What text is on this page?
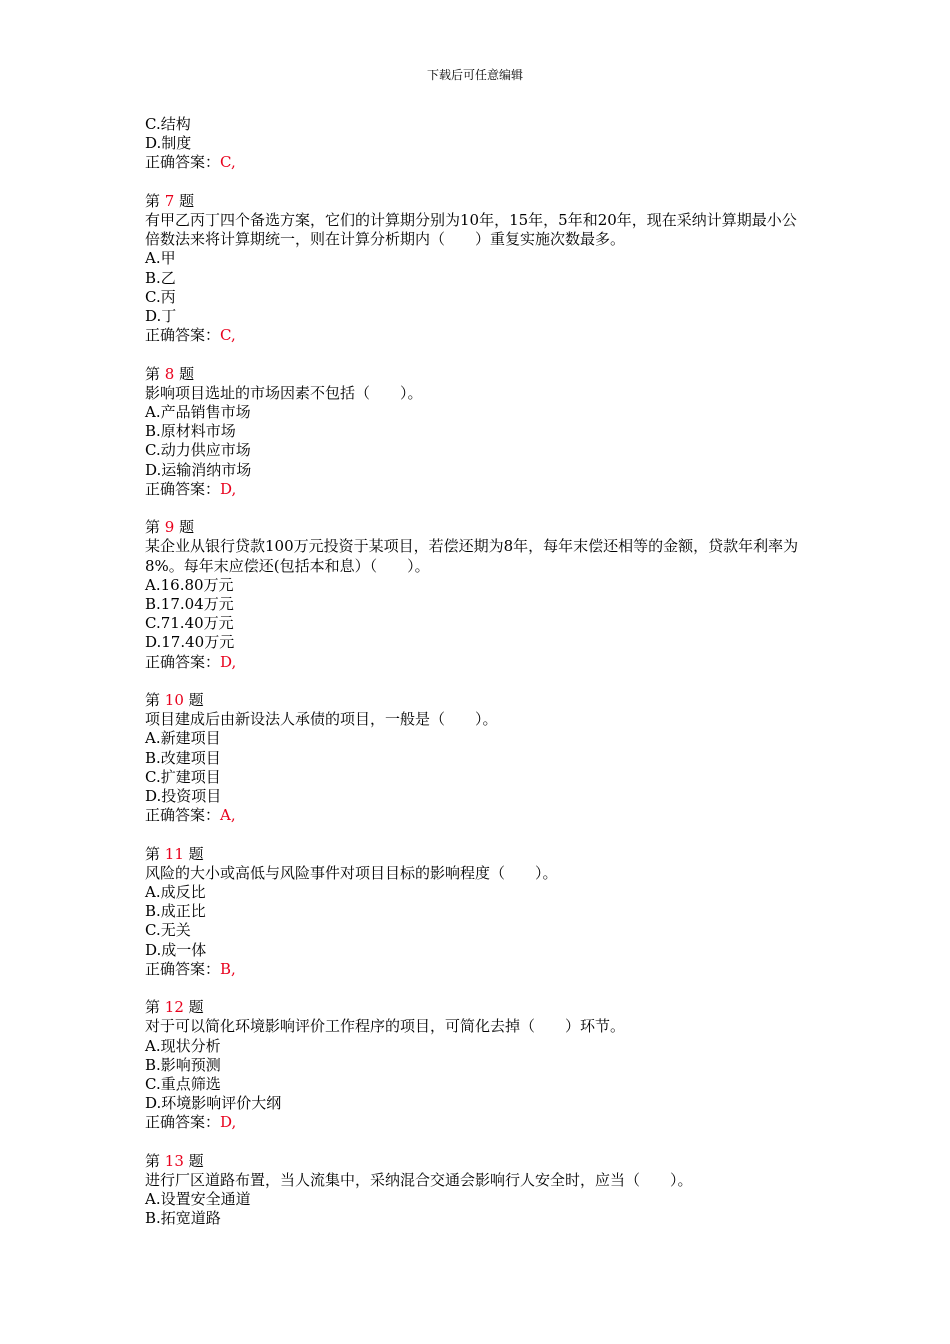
下载后可任意编辑
C.结构
D.制度
正确答案：C,
第 7 题
有甲乙丙丁四个备选方案，它们的计算期分别为10年，15年，5年和20年，现在采纳计算期最小公倍数法来将计算期统一，则在计算分析期内（　　）重复实施次数最多。
A.甲
B.乙
C.丙
D.丁
正确答案：C,
第 8 题
影响项目选址的市场因素不包括（　　）。
A.产品销售市场
B.原材料市场
C.动力供应市场
D.运输消纳市场
正确答案：D,
第 9 题
某企业从银行贷款100万元投资于某项目，若偿还期为8年，每年末偿还相等的金额，贷款年利率为8%。每年末应偿还(包括本和息）（　　）。
A.16.80万元
B.17.04万元
C.71.40万元
D.17.40万元
正确答案：D,
第 10 题
项目建成后由新设法人承债的项目，一般是（　　）。
A.新建项目
B.改建项目
C.扩建项目
D.投资项目
正确答案：A,
第 11 题
风险的大小或高低与风险事件对项目目标的影响程度（　　）。
A.成反比
B.成正比
C.无关
D.成一体
正确答案：B,
第 12 题
对于可以简化环境影响评价工作程序的项目，可简化去掉（　　）环节。
A.现状分析
B.影响预测
C.重点筛选
D.环境影响评价大纲
正确答案：D,
第 13 题
进行厂区道路布置，当人流集中，采纳混合交通会影响行人安全时，应当（　　）。
A.设置安全通道
B.拓宽道路
